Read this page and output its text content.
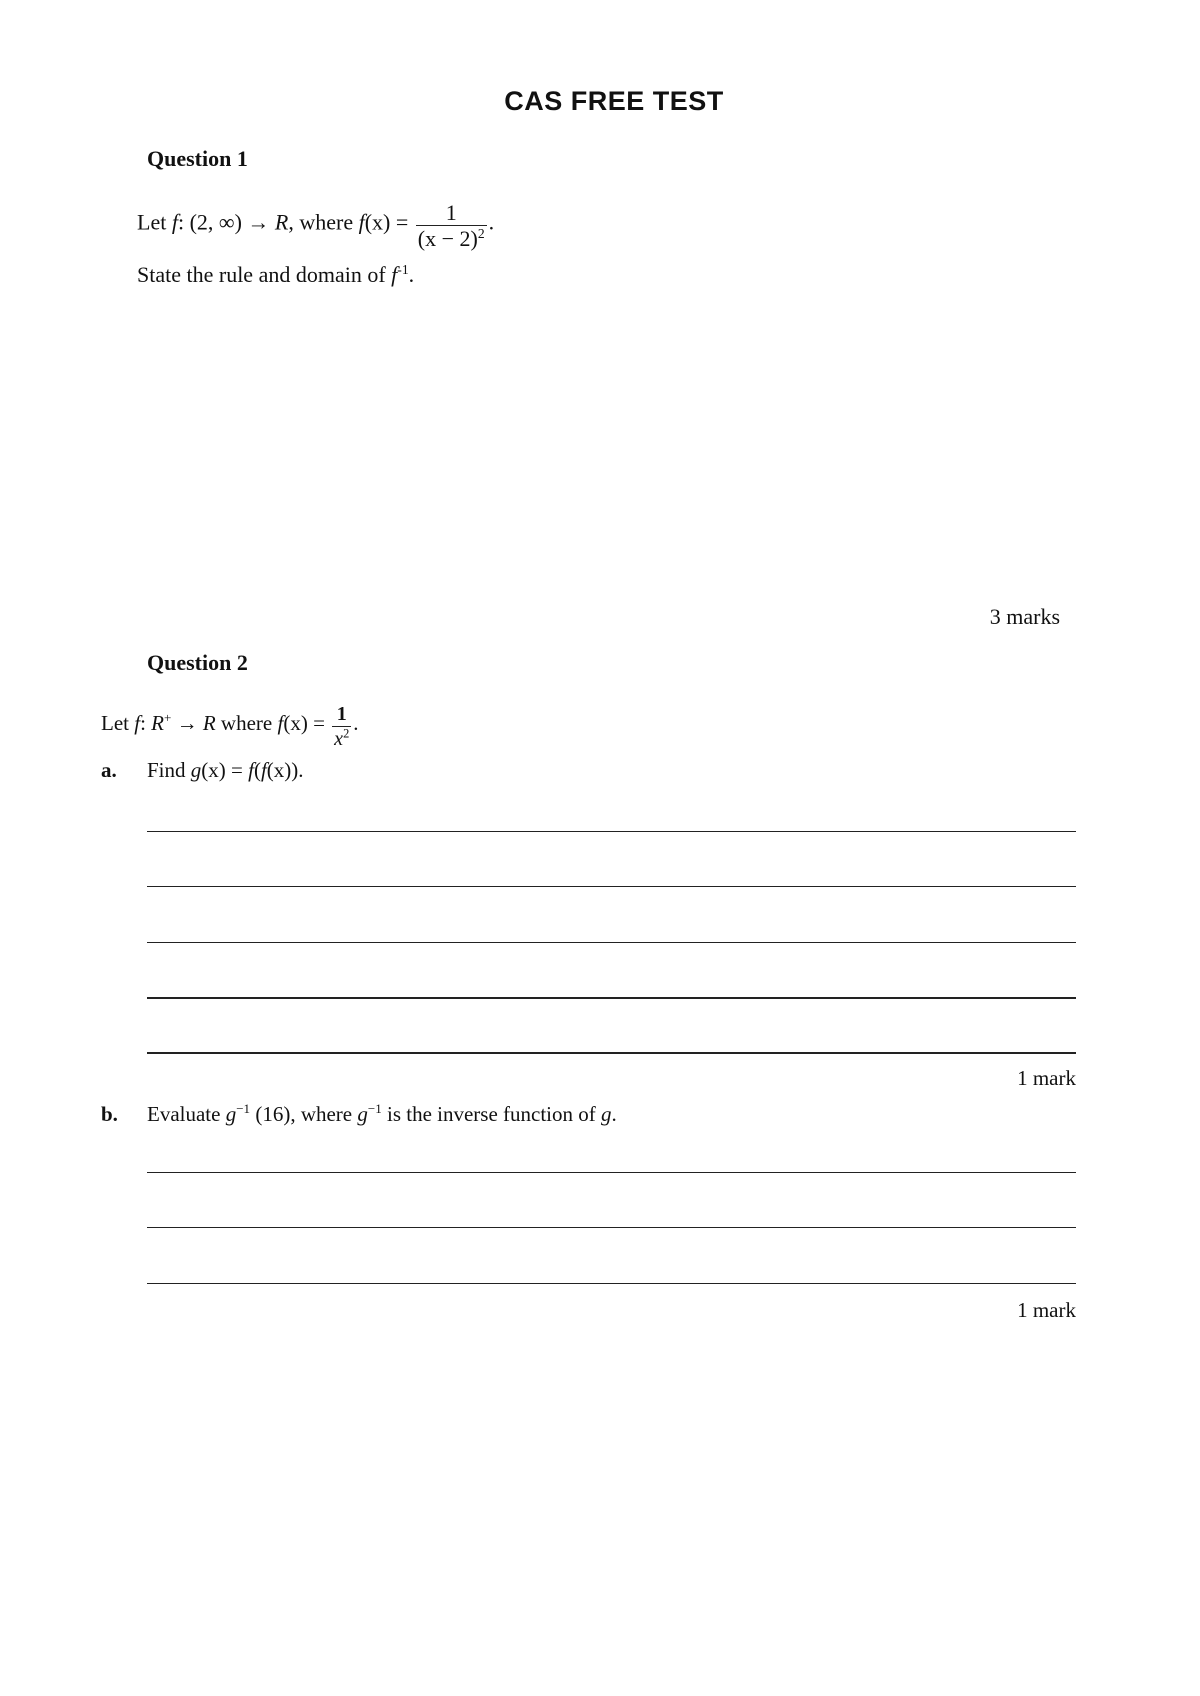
CAS FREE TEST
Question 1
Let f: (2, ∞) → R, where $f(x) = \frac{1}{(x - 2)^2}$ .
State the rule and domain of $f^{-1}$.
3 marks
Question 2
Let f: R+ → R where $f(x) = \frac{1}{x^2}$ .
a. Find g(x) = f(f(x)).
1 mark
b. Evaluate $g^{-1}$ (16), where $g^{-1}$ is the inverse function of g.
1 mark
